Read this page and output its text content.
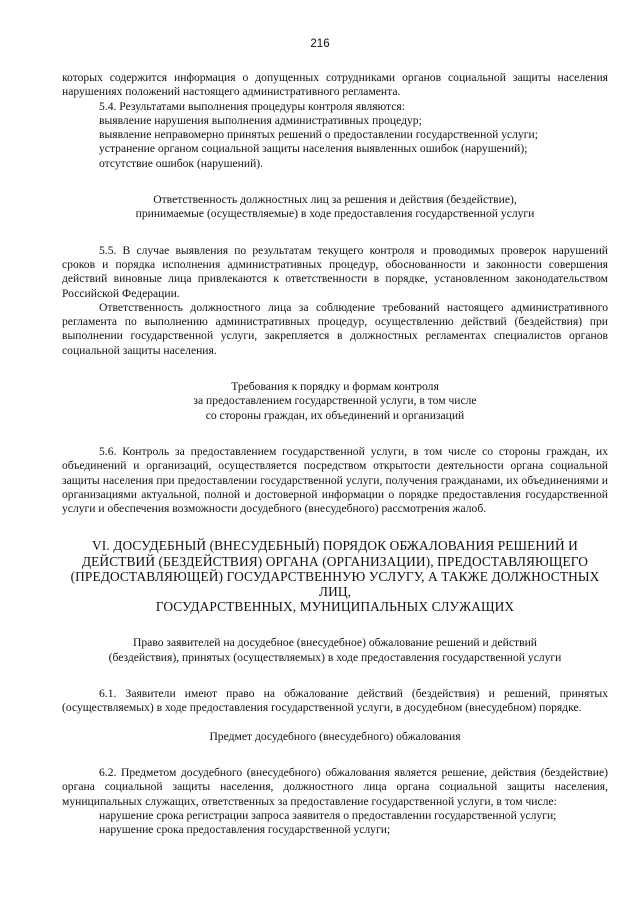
216

которых содержится информация о допущенных сотрудниками органов социальной защиты населения нарушениях положений настоящего административного регламента.

5.4. Результатами выполнения процедуры контроля являются:

выявление нарушения выполнения административных процедур;

выявление неправомерно принятых решений о предоставлении государственной услуги;

устранение органом социальной защиты населения выявленных ошибок (нарушений);

отсутствие ошибок (нарушений).

Ответственность должностных лиц за решения и действия (бездействие),
принимаемые (осуществляемые) в ходе предоставления государственной услуги

5.5. В случае выявления по результатам текущего контроля и проводимых проверок нарушений сроков и порядка исполнения административных процедур, обоснованности и законности совершения действий виновные лица привлекаются к ответственности в порядке, установленном законодательством Российской Федерации.

Ответственность должностного лица за соблюдение требований настоящего административного регламента по выполнению административных процедур, осуществлению действий (бездействия) при выполнении государственной услуги, закрепляется в должностных регламентах специалистов органов социальной защиты населения.

Требования к порядку и формам контроля
за предоставлением государственной услуги, в том числе
со стороны граждан, их объединений и организаций

5.6. Контроль за предоставлением государственной услуги, в том числе со стороны граждан, их объединений и организаций, осуществляется посредством открытости деятельности органа социальной защиты населения при предоставлении государственной услуги, получения гражданами, их объединениями и организациями актуальной, полной и достоверной информации о порядке предоставления государственной услуги и обеспечения возможности досудебного (внесудебного) рассмотрения жалоб.

VI. ДОСУДЕБНЫЙ (ВНЕСУДЕБНЫЙ) ПОРЯДОК ОБЖАЛОВАНИЯ РЕШЕНИЙ И
ДЕЙСТВИЙ (БЕЗДЕЙСТВИЯ) ОРГАНА (ОРГАНИЗАЦИИ), ПРЕДОСТАВЛЯЮЩЕГО
(ПРЕДОСТАВЛЯЮЩЕЙ) ГОСУДАРСТВЕННУЮ УСЛУГУ, А ТАКЖЕ ДОЛЖНОСТНЫХ ЛИЦ,
ГОСУДАРСТВЕННЫХ, МУНИЦИПАЛЬНЫХ СЛУЖАЩИХ
Право заявителей на досудебное (внесудебное) обжалование решений и действий
(бездействия), принятых (осуществляемых) в ходе предоставления государственной услуги

6.1. Заявители имеют право на обжалование действий (бездействия) и решений, принятых (осуществляемых) в ходе предоставления государственной услуги, в досудебном (внесудебном) порядке.

Предмет досудебного (внесудебного) обжалования

6.2. Предметом досудебного (внесудебного) обжалования является решение, действия (бездействие) органа социальной защиты населения, должностного лица органа социальной защиты населения, муниципальных служащих, ответственных за предоставление государственной услуги, в том числе:

нарушение срока регистрации запроса заявителя о предоставлении государственной услуги;

нарушение срока предоставления государственной услуги;
